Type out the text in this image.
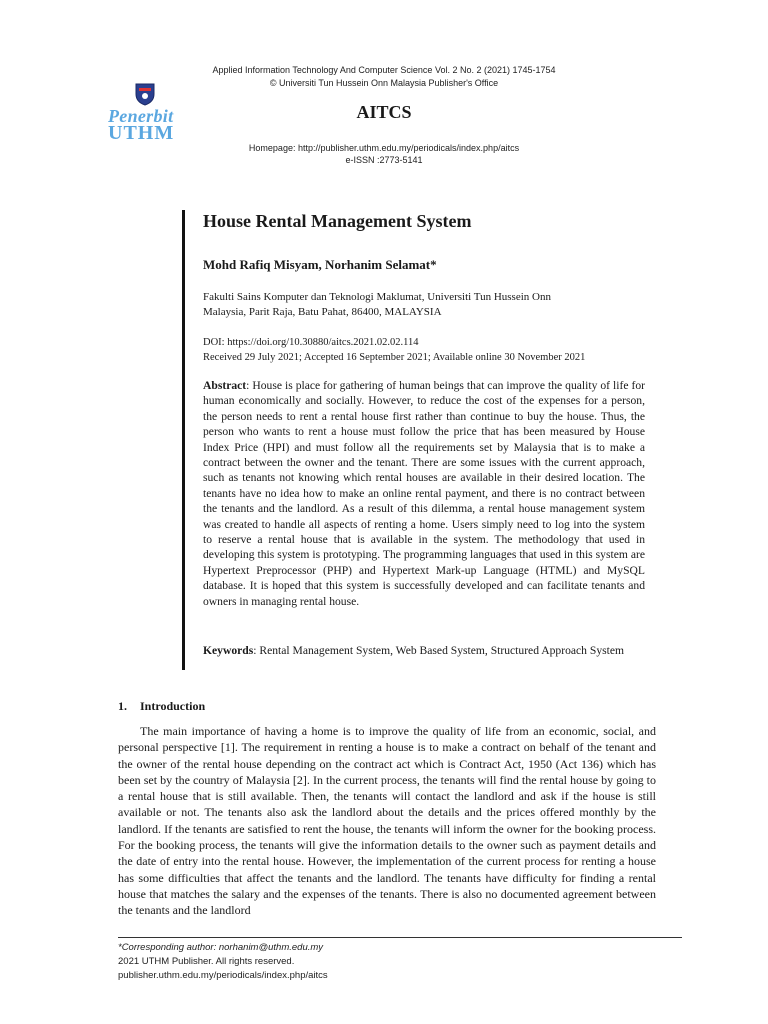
Applied Information Technology And Computer Science Vol. 2 No. 2 (2021) 1745-1754
© Universiti Tun Hussein Onn Malaysia Publisher's Office
Penerbit
UTHM
AITCS
Homepage: http://publisher.uthm.edu.my/periodicals/index.php/aitcs
e-ISSN :2773-5141
House Rental Management System
Mohd Rafiq Misyam, Norhanim Selamat*
Fakulti Sains Komputer dan Teknologi Maklumat, Universiti Tun Hussein Onn
Malaysia, Parit Raja, Batu Pahat, 86400, MALAYSIA
DOI: https://doi.org/10.30880/aitcs.2021.02.02.114
Received 29 July 2021; Accepted 16 September 2021; Available online 30 November 2021
Abstract: House is place for gathering of human beings that can improve the quality of life for human economically and socially. However, to reduce the cost of the expenses for a person, the person needs to rent a rental house first rather than continue to buy the house. Thus, the person who wants to rent a house must follow the price that has been measured by House Index Price (HPI) and must follow all the requirements set by Malaysia that is to make a contract between the owner and the tenant. There are some issues with the current approach, such as tenants not knowing which rental houses are available in their desired location. The tenants have no idea how to make an online rental payment, and there is no contract between the tenants and the landlord. As a result of this dilemma, a rental house management system was created to handle all aspects of renting a home. Users simply need to log into the system to reserve a rental house that is available in the system. The methodology that used in developing this system is prototyping. The programming languages that used in this system are Hypertext Preprocessor (PHP) and Hypertext Mark-up Language (HTML) and MySQL database. It is hoped that this system is successfully developed and can facilitate tenants and owners in managing rental house.
Keywords: Rental Management System, Web Based System, Structured Approach System
1. Introduction
The main importance of having a home is to improve the quality of life from an economic, social, and personal perspective [1]. The requirement in renting a house is to make a contract on behalf of the tenant and the owner of the rental house depending on the contract act which is Contract Act, 1950 (Act 136) which has been set by the country of Malaysia [2]. In the current process, the tenants will find the rental house by going to a rental house that is still available. Then, the tenants will contact the landlord and ask if the house is still available or not. The tenants also ask the landlord about the details and the prices offered monthly by the landlord. If the tenants are satisfied to rent the house, the tenants will inform the owner for the booking process. For the booking process, the tenants will give the information details to the owner such as payment details and the date of entry into the rental house. However, the implementation of the current process for renting a house has some difficulties that affect the tenants and the landlord. The tenants have difficulty for finding a rental house that matches the salary and the expenses of the tenants. There is also no documented agreement between the tenants and the landlord
*Corresponding author: norhanim@uthm.edu.my
2021 UTHM Publisher. All rights reserved.
publisher.uthm.edu.my/periodicals/index.php/aitcs
